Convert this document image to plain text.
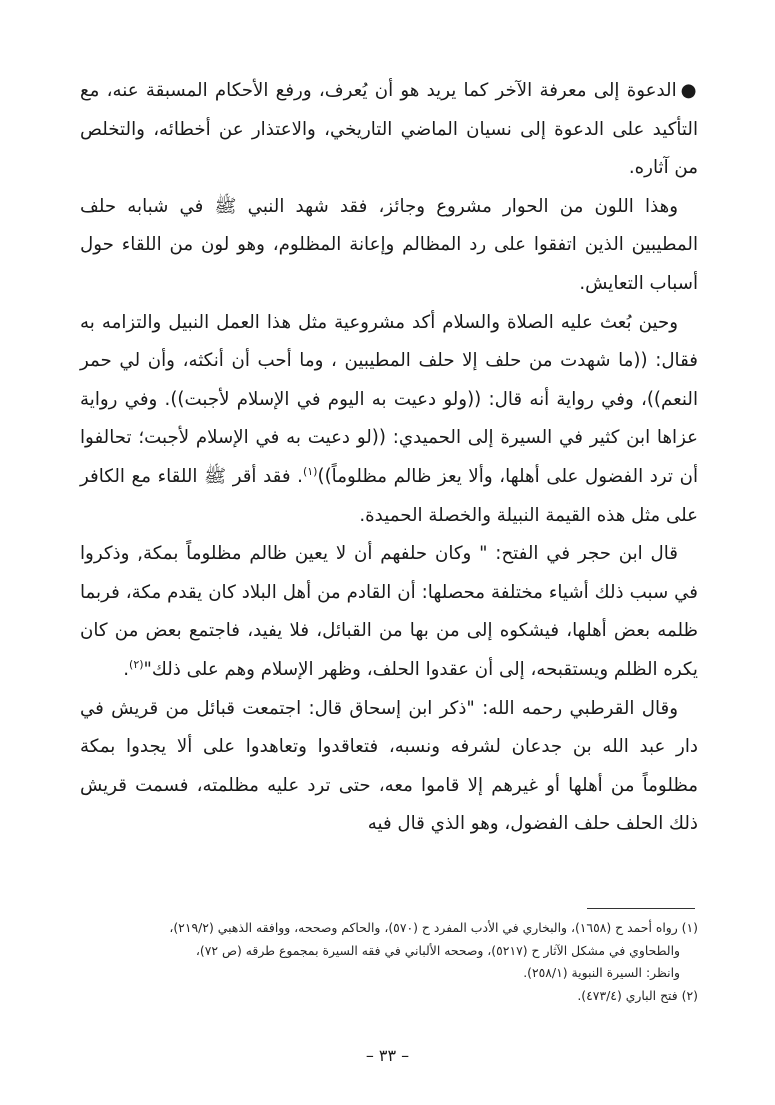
●الدعوة إلى معرفة الآخر كما يريد هو أن يُعرف، ورفع الأحكام المسبقة عنه، مع التأكيد على الدعوة إلى نسيان الماضي التاريخي، والاعتذار عن أخطائه، والتخلص من آثاره.

وهذا اللون من الحوار مشروع وجائز، فقد شهد النبي ﷺ في شبابه حلف المطيبين الذين اتفقوا على رد المظالم وإعانة المظلوم، وهو لون من اللقاء حول أسباب التعايش.

وحين بُعث عليه الصلاة والسلام أكد مشروعية مثل هذا العمل النبيل والتزامه به فقال: ((ما شهدت من حلف إلا حلف المطيبين ، وما أحب أن أنكثه، وأن لي حمر النعم))، وفي رواية أنه قال: ((ولو دعيت به اليوم في الإسلام لأجبت)). وفي رواية عزاها ابن كثير في السيرة إلى الحميدي: ((لو دعيت به في الإسلام لأجبت؛ تحالفوا أن ترد الفضول على أهلها، وألا يعز ظالم مظلوماً))$^{(١)}$. فقد أقر ﷺ اللقاء مع الكافر على مثل هذه القيمة النبيلة والخصلة الحميدة.

قال ابن حجر في الفتح: " وكان حلفهم أن لا يعين ظالم مظلوماً بمكة, وذكروا في سبب ذلك أشياء مختلفة محصلها: أن القادم من أهل البلاد كان يقدم مكة، فربما ظلمه بعض أهلها، فيشكوه إلى من بها من القبائل، فلا يفيد، فاجتمع بعض من كان يكره الظلم ويستقبحه، إلى أن عقدوا الحلف، وظهر الإسلام وهم على ذلك"$^{(٢)}$.

وقال القرطبي رحمه الله: "ذكر ابن إسحاق قال: اجتمعت قبائل من قريش في دار عبد الله بن جدعان لشرفه ونسبه، فتعاقدوا وتعاهدوا على ألا يجدوا بمكة مظلوماً من أهلها أو غيرهم إلا قاموا معه، حتى ترد عليه مظلمته، فسمت قريش ذلك الحلف حلف الفضول، وهو الذي قال فيه

(١) رواه أحمد ح (١٦٥٨)، والبخاري في الأدب المفرد ح (٥٧٠)، والحاكم وصححه، ووافقه الذهبي (٢١٩/٢)،

والطحاوي في مشكل الآثار ح (٥٢١٧)، وصححه الألباني في فقه السيرة بمجموع طرقه (ص ٧٢)،

وانظر: السيرة النبوية (٢٥٨/١).

(٢) فتح الباري (٤٧٣/٤).

– ٣٣ –
